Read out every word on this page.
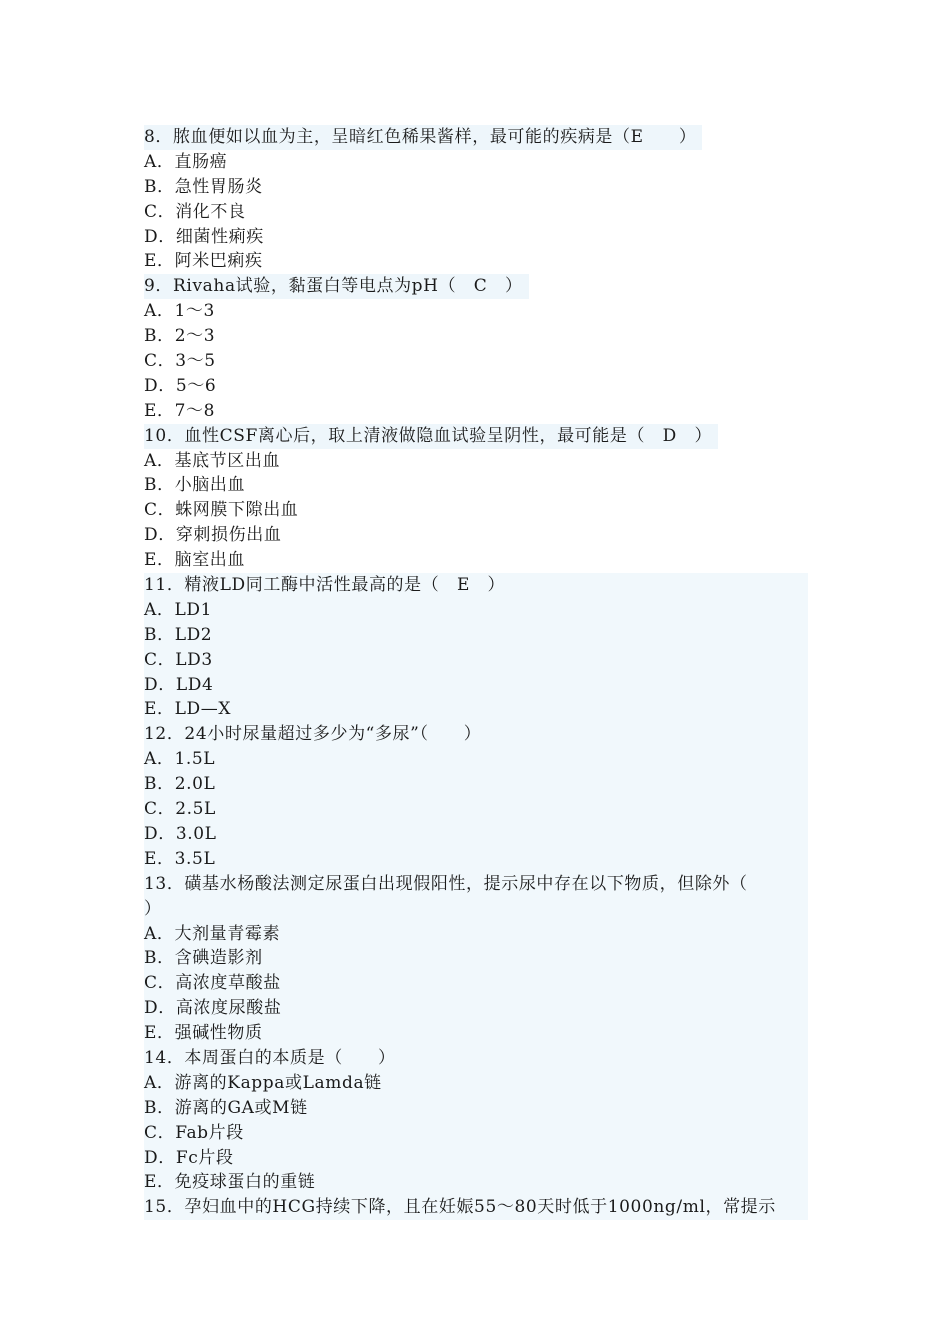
8．脓血便如以血为主，呈暗红色稀果酱样，最可能的疾病是（E　　）
A．直肠癌
B．急性胃肠炎
C．消化不良
D．细菌性痢疾
E．阿米巴痢疾
9．Rivaha试验，黏蛋白等电点为pH（　C　）
A．1～3
B．2～3
C．3～5
D．5～6
E．7～8
10．血性CSF离心后，取上清液做隐血试验呈阴性，最可能是（　D　）
A．基底节区出血
B．小脑出血
C．蛛网膜下隙出血
D．穿刺损伤出血
E．脑室出血
11．精液LD同工酶中活性最高的是（　E　）
A．LD1
B．LD2
C．LD3
D．LD4
E．LD—X
12．24小时尿量超过多少为“多尿”（　　）
A．1.5L
B．2.0L
C．2.5L
D．3.0L
E．3.5L
13．磺基水杨酸法测定尿蛋白出现假阳性，提示尿中存在以下物质，但除外（
）
A．大剂量青霉素
B．含碘造影剂
C．高浓度草酸盐
D．高浓度尿酸盐
E．强碱性物质
14．本周蛋白的本质是（　　）
A．游离的Kappa或Lamda链
B．游离的GA或M链
C．Fab片段
D．Fc片段
E．免疫球蛋白的重链
15．孕妇血中的HCG持续下降，且在妊娠55～80天时低于1000ng/ml，常提示
